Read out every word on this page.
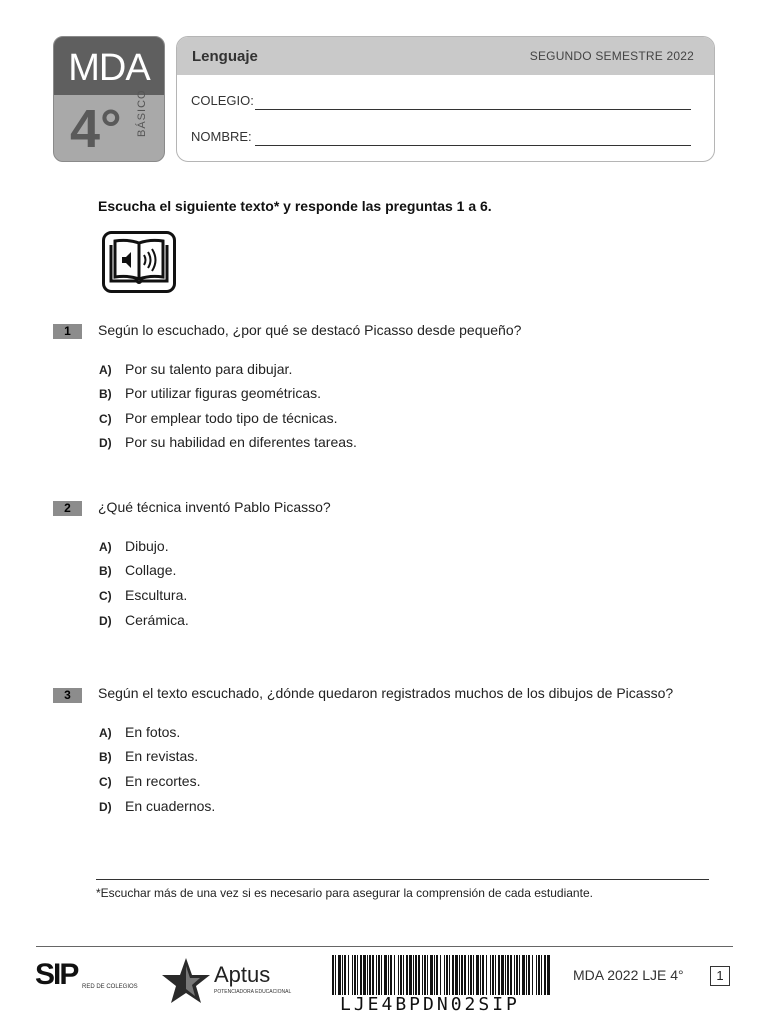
MDA
4° BÁSICO
Lenguaje	SEGUNDO SEMESTRE 2022
COLEGIO:
NOMBRE:
Escucha el siguiente texto* y responde las preguntas 1 a 6.
1	Según lo escuchado, ¿por qué se destacó Picasso desde pequeño?
A) Por su talento para dibujar.
B) Por utilizar figuras geométricas.
C) Por emplear todo tipo de técnicas.
D) Por su habilidad en diferentes tareas.
2	¿Qué técnica inventó Pablo Picasso?
A) Dibujo.
B) Collage.
C) Escultura.
D) Cerámica.
3	Según el texto escuchado, ¿dónde quedaron registrados muchos de los dibujos de Picasso?
A) En fotos.
B) En revistas.
C) En recortes.
D) En cuadernos.
*Escuchar más de una vez si es necesario para asegurar la comprensión de cada estudiante.
SIP RED DE COLEGIOS	Aptus
POTENCIADORA EDUCACIONAL
LJE4BPDN02SIP
MDA 2022 LJE 4°	1
